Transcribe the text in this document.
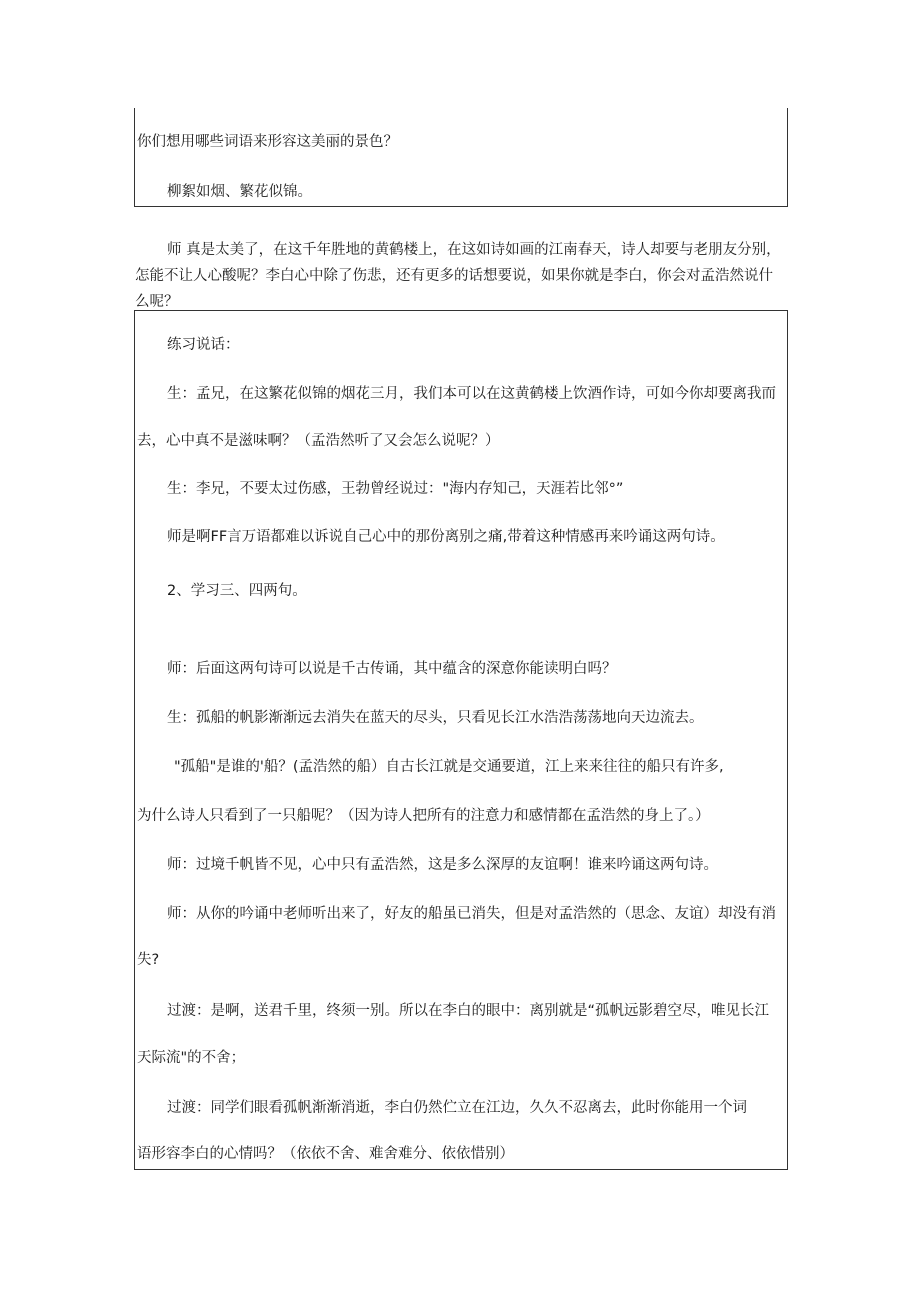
你们想用哪些词语来形容这美丽的景色？
柳絮如烟、繁花似锦。

师 真是太美了，在这千年胜地的黄鹤楼上，在这如诗如画的江南春天，诗人却要与老朋友分别，

怎能不让人心酸呢？李白心中除了伤悲，还有更多的话想要说，如果你就是李白，你会对孟浩然说什

么呢？

练习说话：
生：孟兄，在这繁花似锦的烟花三月，我们本可以在这黄鹤楼上饮酒作诗，可如今你却要离我而
去，心中真不是滋味啊？（孟浩然听了又会怎么说呢？）
生：李兄，不要太过伤感，王勃曾经说过："海内存知己，天涯若比邻°”
师是啊FF言万语都难以诉说自己心中的那份离别之痛,带着这种情感再来吟诵这两句诗。
2、学习三、四两句。
师：后面这两句诗可以说是千古传诵，其中蕴含的深意你能读明白吗？
生：孤船的帆影渐渐远去消失在蓝天的尽头，只看见长江水浩浩荡荡地向天边流去。
"孤船"是谁的'船？(孟浩然的船）自古长江就是交通要道，江上来来往往的船只有许多,
为什么诗人只看到了一只船呢？（因为诗人把所有的注意力和感情都在孟浩然的身上了。）
师：过境千帆皆不见，心中只有孟浩然，这是多么深厚的友谊啊！谁来吟诵这两句诗。
师：从你的吟诵中老师听出来了，好友的船虽已消失，但是对孟浩然的（思念、友谊）却没有消
失?
过渡：是啊，送君千里，终须一别。所以在李白的眼中：离别就是“孤帆远影碧空尽，唯见长江
天际流"的不舍；
过渡：同学们眼看孤帆渐渐消逝，李白仍然伫立在江边，久久不忍离去，此时你能用一个词
语形容李白的心情吗？（依依不舍、难舍难分、依依惜别）
